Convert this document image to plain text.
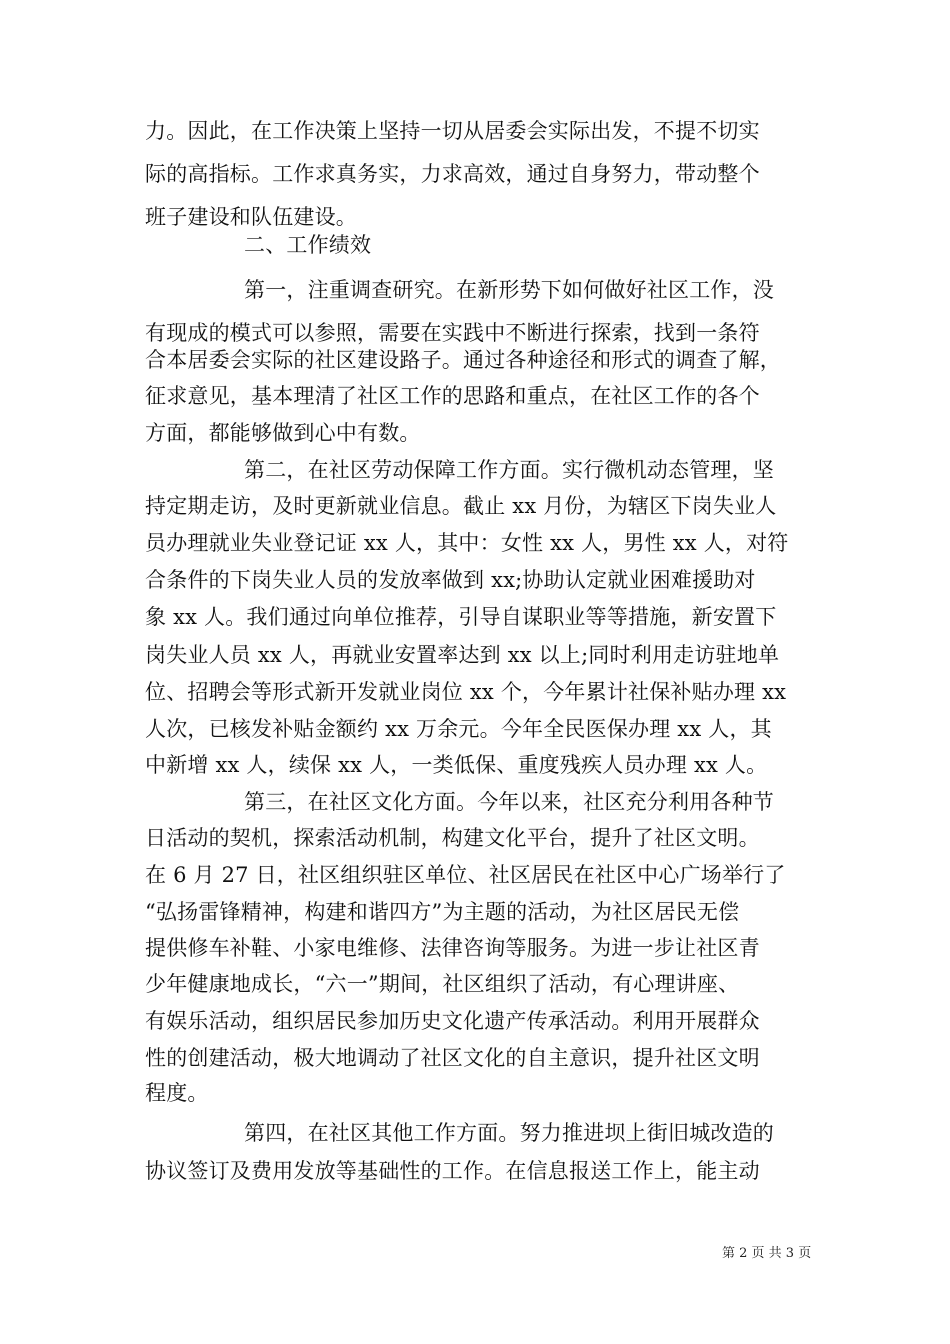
力。因此，在工作决策上坚持一切从居委会实际出发，不提不切实
际的高指标。工作求真务实，力求高效，通过自身努力，带动整个
班子建设和队伍建设。
二、工作绩效
第一，注重调查研究。在新形势下如何做好社区工作，没
有现成的模式可以参照，需要在实践中不断进行探索，找到一条符
合本居委会实际的社区建设路子。通过各种途径和形式的调查了解，
征求意见，基本理清了社区工作的思路和重点，在社区工作的各个
方面，都能够做到心中有数。
第二，在社区劳动保障工作方面。实行微机动态管理，坚
持定期走访，及时更新就业信息。截止 xx 月份，为辖区下岗失业人
员办理就业失业登记证 xx 人，其中：女性 xx 人，男性 xx 人，对符
合条件的下岗失业人员的发放率做到 xx;协助认定就业困难援助对
象 xx 人。我们通过向单位推荐，引导自谋职业等等措施，新安置下
岗失业人员 xx 人，再就业安置率达到 xx 以上;同时利用走访驻地单
位、招聘会等形式新开发就业岗位 xx 个，今年累计社保补贴办理 xx
人次，已核发补贴金额约 xx 万余元。今年全民医保办理 xx 人，其
中新增 xx 人，续保 xx 人，一类低保、重度残疾人员办理 xx 人。
第三，在社区文化方面。今年以来，社区充分利用各种节
日活动的契机，探索活动机制，构建文化平台，提升了社区文明。
在 6 月 27 日，社区组织驻区单位、社区居民在社区中心广场举行了
“弘扬雷锋精神，构建和谐四方”为主题的活动，为社区居民无偿
提供修车补鞋、小家电维修、法律咨询等服务。为进一步让社区青
少年健康地成长，“六一”期间，社区组织了活动，有心理讲座、
有娱乐活动，组织居民参加历史文化遗产传承活动。利用开展群众
性的创建活动，极大地调动了社区文化的自主意识，提升社区文明
程度。
第四，在社区其他工作方面。努力推进坝上街旧城改造的
协议签订及费用发放等基础性的工作。在信息报送工作上，能主动
第 2 页 共 3 页
